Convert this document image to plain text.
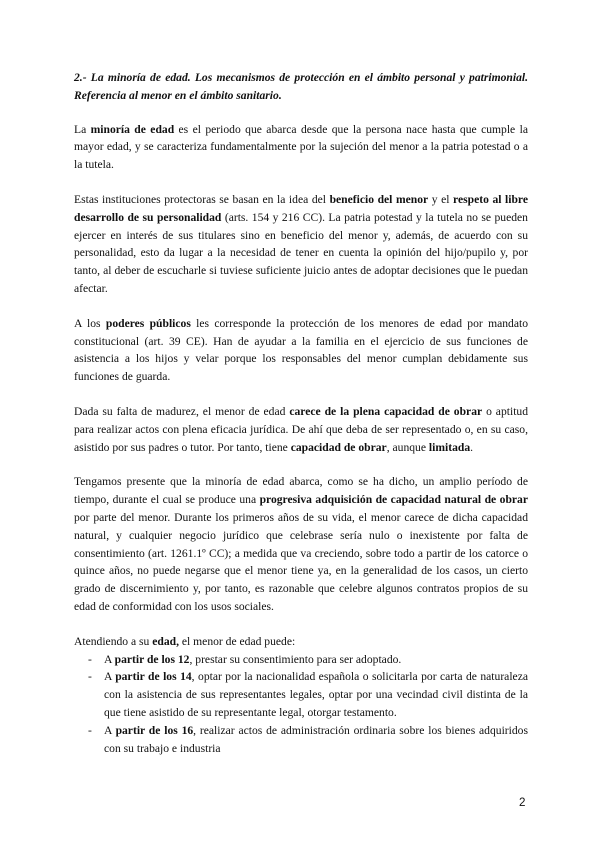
2.- La minoría de edad. Los mecanismos de protección en el ámbito personal y patrimonial. Referencia al menor en el ámbito sanitario.

La minoría de edad es el periodo que abarca desde que la persona nace hasta que cumple la mayor edad, y se caracteriza fundamentalmente por la sujeción del menor a la patria potestad o a la tutela.

Estas instituciones protectoras se basan en la idea del beneficio del menor y el respeto al libre desarrollo de su personalidad (arts. 154 y 216 CC). La patria potestad y la tutela no se pueden ejercer en interés de sus titulares sino en beneficio del menor y, además, de acuerdo con su personalidad, esto da lugar a la necesidad de tener en cuenta la opinión del hijo/pupilo y, por tanto, al deber de escucharle si tuviese suficiente juicio antes de adoptar decisiones que le puedan afectar.

A los poderes públicos les corresponde la protección de los menores de edad por mandato constitucional (art. 39 CE). Han de ayudar a la familia en el ejercicio de sus funciones de asistencia a los hijos y velar porque los responsables del menor cumplan debidamente sus funciones de guarda.

Dada su falta de madurez, el menor de edad carece de la plena capacidad de obrar o aptitud para realizar actos con plena eficacia jurídica. De ahí que deba de ser representado o, en su caso, asistido por sus padres o tutor. Por tanto, tiene capacidad de obrar, aunque limitada.

Tengamos presente que la minoría de edad abarca, como se ha dicho, un amplio período de tiempo, durante el cual se produce una progresiva adquisición de capacidad natural de obrar por parte del menor. Durante los primeros años de su vida, el menor carece de dicha capacidad natural, y cualquier negocio jurídico que celebrase sería nulo o inexistente por falta de consentimiento (art. 1261.1º CC); a medida que va creciendo, sobre todo a partir de los catorce o quince años, no puede negarse que el menor tiene ya, en la generalidad de los casos, un cierto grado de discernimiento y, por tanto, es razonable que celebre algunos contratos propios de su edad de conformidad con los usos sociales.

Atendiendo a su edad, el menor de edad puede:

- A partir de los 12, prestar su consentimiento para ser adoptado.
- A partir de los 14, optar por la nacionalidad española o solicitarla por carta de naturaleza con la asistencia de sus representantes legales, optar por una vecindad civil distinta de la que tiene asistido de su representante legal, otorgar testamento.
- A partir de los 16, realizar actos de administración ordinaria sobre los bienes adquiridos con su trabajo e industria
2
